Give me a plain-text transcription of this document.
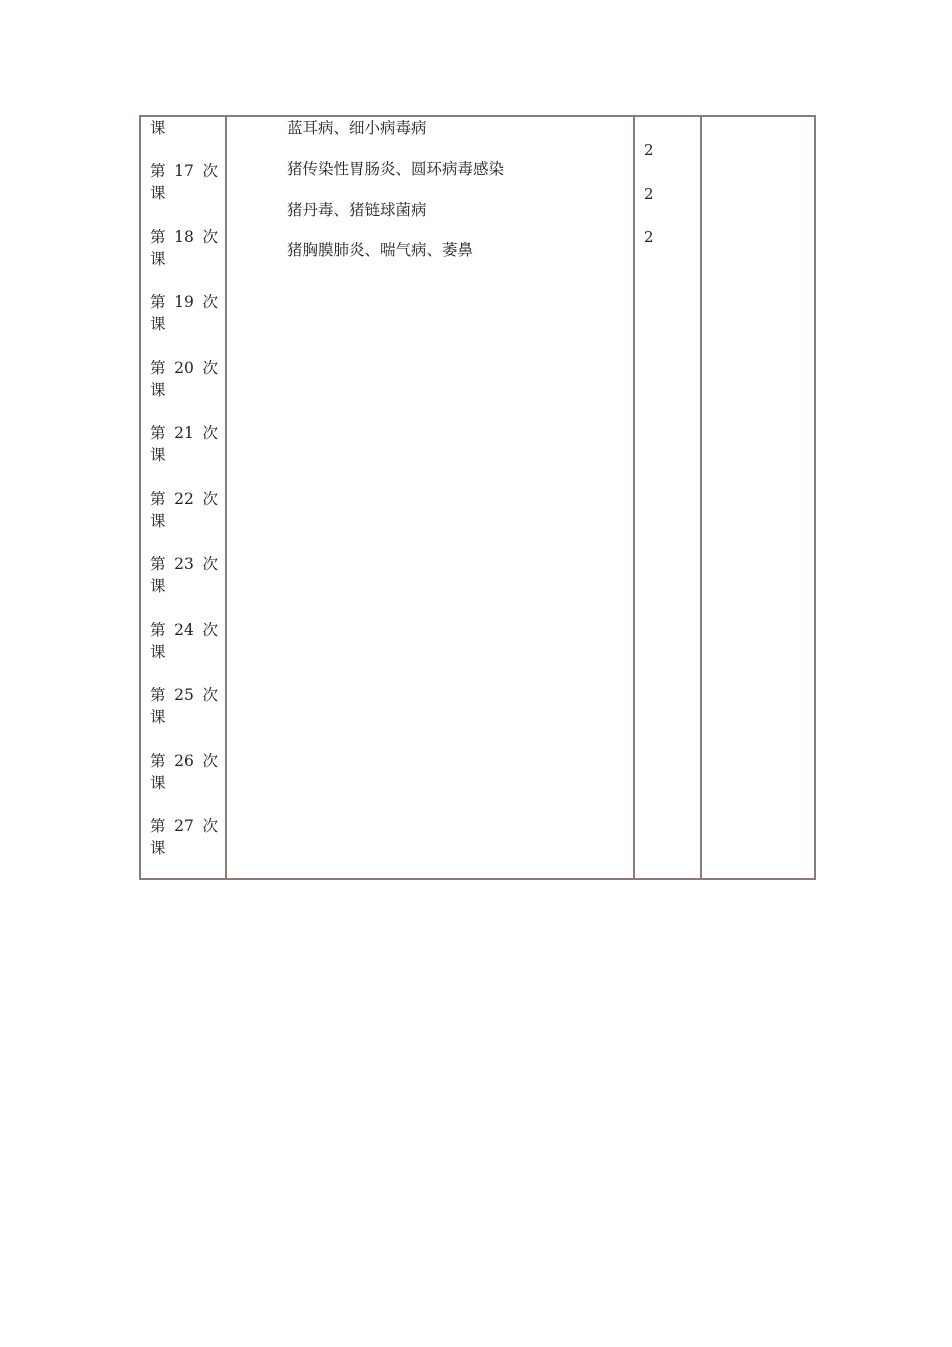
课
第 17 次
课
第 18 次
课
第 19 次
课
第 20 次
课
第 21 次
课
第 22 次
课
第 23 次
课
第 24 次
课
第 25 次
课
第 26 次
课
第 27 次
课
蓝耳病、细小病毒病
猪传染性胃肠炎、圆环病毒感染
猪丹毒、猪链球菌病
猪胸膜肺炎、喘气病、萎鼻
2
2
2
